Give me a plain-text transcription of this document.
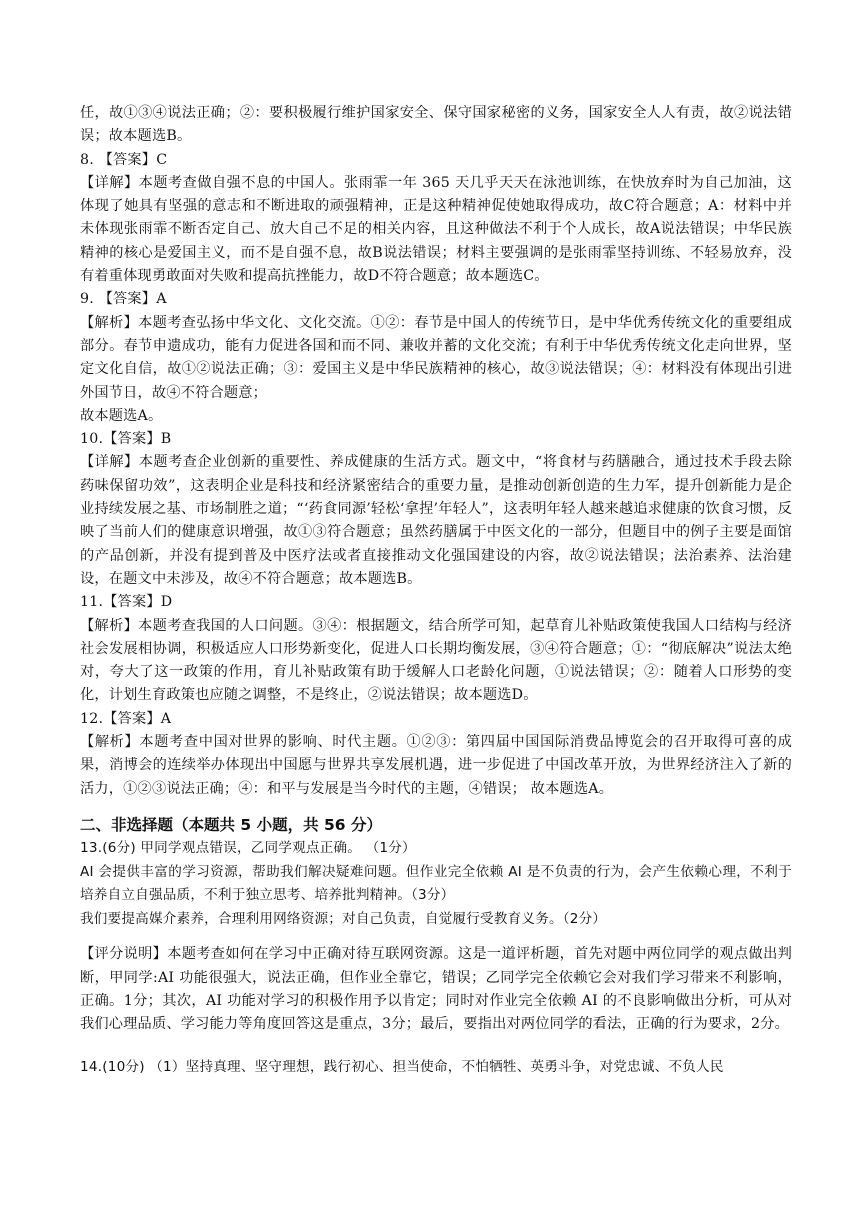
任，故①③④说法正确；②：要积极履行维护国家安全、保守国家秘密的义务，国家安全人人有责，故②说法错误；故本题选B。

8. 【答案】C

【详解】本题考查做自强不息的中国人。张雨霏一年 365 天几乎天天在泳池训练，在快放弃时为自己加油，这体现了她具有坚强的意志和不断进取的顽强精神，正是这种精神促使她取得成功，故C符合题意；A：材料中并未体现张雨霏不断否定自己、放大自己不足的相关内容，且这种做法不利于个人成长，故A说法错误；中华民族精神的核心是爱国主义，而不是自强不息，故B说法错误；材料主要强调的是张雨霏坚持训练、不轻易放弃，没有着重体现勇敢面对失败和提高抗挫能力，故D不符合题意；故本题选C。

9. 【答案】A

【解析】本题考查弘扬中华文化、文化交流。①②：春节是中国人的传统节日，是中华优秀传统文化的重要组成部分。春节申遗成功，能有力促进各国和而不同、兼收并蓄的文化交流；有利于中华优秀传统文化走向世界，坚定文化自信，故①②说法正确；③：爱国主义是中华民族精神的核心，故③说法错误；④：材料没有体现出引进外国节日，故④不符合题意；

故本题选A。

10.【答案】B

【详解】本题考查企业创新的重要性、养成健康的生活方式。题文中，“将食材与药膳融合，通过技术手段去除药味保留功效”，这表明企业是科技和经济紧密结合的重要力量，是推动创新创造的生力军，提升创新能力是企业持续发展之基、市场制胜之道；“‘药食同源’轻松‘拿捏’年轻人”，这表明年轻人越来越追求健康的饮食习惯，反映了当前人们的健康意识增强，故①③符合题意；虽然药膳属于中医文化的一部分，但题目中的例子主要是面馆的产品创新，并没有提到普及中医疗法或者直接推动文化强国建设的内容，故②说法错误；法治素养、法治建设，在题文中未涉及，故④不符合题意；故本题选B。

11.【答案】D

【解析】本题考查我国的人口问题。③④：根据题文，结合所学可知，起草育儿补贴政策使我国人口结构与经济社会发展相协调，积极适应人口形势新变化，促进人口长期均衡发展，③④符合题意；①：“彻底解决”说法太绝对，夸大了这一政策的作用，育儿补贴政策有助于缓解人口老龄化问题，①说法错误；②：随着人口形势的变化，计划生育政策也应随之调整，不是终止，②说法错误；故本题选D。

12.【答案】A

【解析】本题考查中国对世界的影响、时代主题。①②③：第四届中国国际消费品博览会的召开取得可喜的成果，消博会的连续举办体现出中国愿与世界共享发展机遇，进一步促进了中国改革开放，为世界经济注入了新的活力，①②③说法正确；④：和平与发展是当今时代的主题，④错误； 故本题选A。

二、非选择题（本题共 5 小题，共 56 分）

13.(6分) 甲同学观点错误，乙同学观点正确。 （1分）

AI 会提供丰富的学习资源，帮助我们解决疑难问题。但作业完全依赖 AI 是不负责的行为，会产生依赖心理，不利于培养自立自强品质，不利于独立思考、培养批判精神。（3分）

我们要提高媒介素养，合理利用网络资源；对自己负责，自觉履行受教育义务。（2分）

【评分说明】本题考查如何在学习中正确对待互联网资源。这是一道评析题，首先对题中两位同学的观点做出判断，甲同学:AI 功能很强大，说法正确，但作业全靠它，错误；乙同学完全依赖它会对我们学习带来不利影响，正确。1分；其次，AI 功能对学习的积极作用予以肯定；同时对作业完全依赖 AI 的不良影响做出分析，可从对我们心理品质、学习能力等角度回答这是重点，3分；最后，要指出对两位同学的看法，正确的行为要求，2分。

14.(10分) （1）坚持真理、坚守理想，践行初心、担当使命，不怕牺牲、英勇斗争，对党忠诚、不负人民
